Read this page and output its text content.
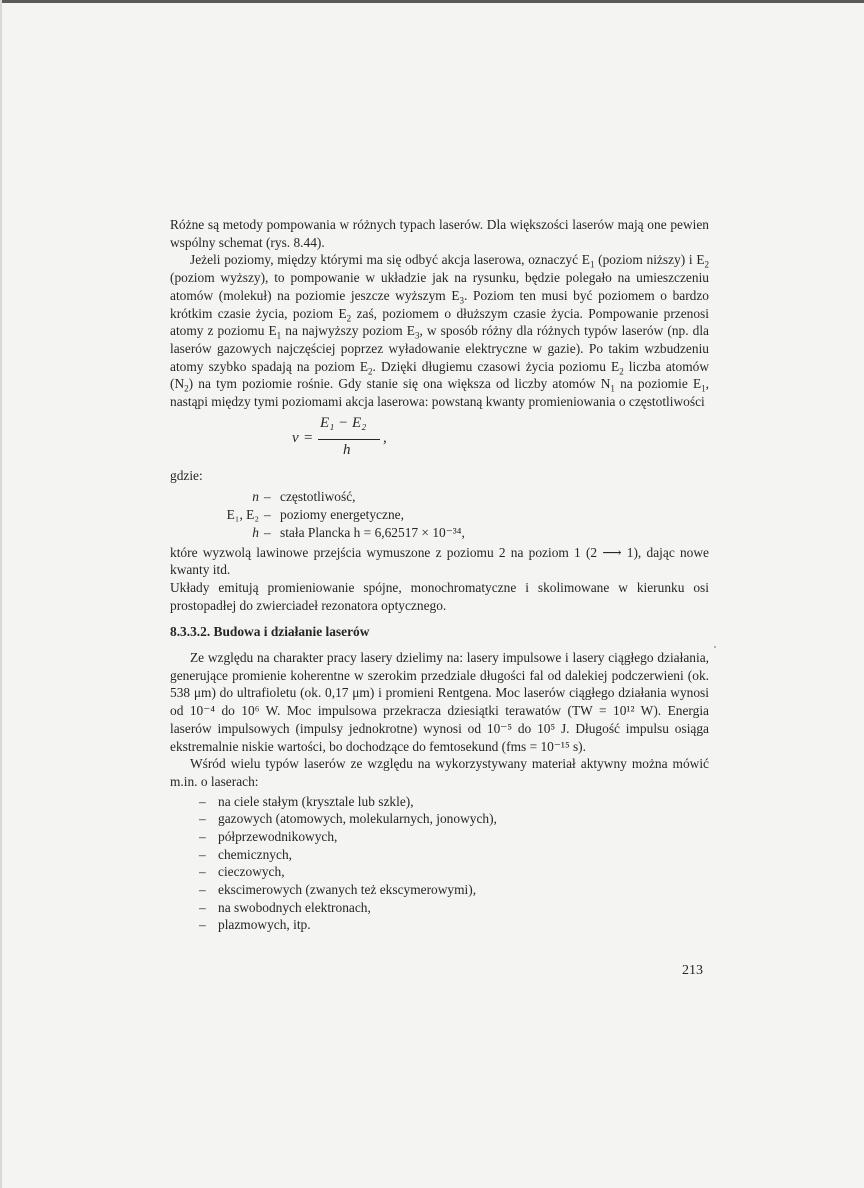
Różne są metody pompowania w różnych typach laserów. Dla większości laserów mają one pewien wspólny schemat (rys. 8.44).

Jeżeli poziomy, między którymi ma się odbyć akcja laserowa, oznaczyć $E_1$ (poziom niższy) i $E_2$ (poziom wyższy), to pompowanie w układzie jak na rysunku, będzie polegało na umieszczeniu atomów (molekuł) na poziomie jeszcze wyższym $E_3$. Poziom ten musi być poziomem o bardzo krótkim czasie życia, poziom $E_2$ zaś, poziomem o dłuższym czasie życia. Pompowanie przenosi atomy z poziomu $E_1$ na najwyższy poziom $E_3$, w sposób różny dla różnych typów laserów (np. dla laserów gazowych najczęściej poprzez wyładowanie elektryczne w gazie). Po takim wzbudzeniu atomy szybko spadają na poziom $E_2$. Dzięki długiemu czasowi życia poziomu $E_2$ liczba atomów $(N_2)$ na tym poziomie rośnie. Gdy stanie się ona większa od liczby atomów $N_1$ na poziomie $E_1$, nastąpi między tymi poziomami akcja laserowa: powstaną kwanty promieniowania o częstotliwości

ν =
E₁ − E₂
h
,

gdzie:

n – częstotliwość,
E₁, E₂ – poziomy energetyczne,
h – stała Plancka h = 6,62517 × 10⁻³⁴,

które wyzwolą lawinowe przejścia wymuszone z poziomu 2 na poziom 1 (2 ⟶ 1), dając nowe kwanty itd.

Układy emitują promieniowanie spójne, monochromatyczne i skolimowane w kierunku osi prostopadłej do zwierciadeł rezonatora optycznego.

8.3.3.2. Budowa i działanie laserów

Ze względu na charakter pracy lasery dzielimy na: lasery impulsowe i lasery ciągłego działania, generujące promienie koherentne w szerokim przedziale długości fal od dalekiej podczerwieni (ok. 538 μm) do ultrafioletu (ok. 0,17 μm) i promieni Rentgena. Moc laserów ciągłego działania wynosi od 10⁻⁴ do 10⁶ W. Moc impulsowa przekracza dziesiątki terawatów (TW = 10¹² W). Energia laserów impulsowych (impulsy jednokrotne) wynosi od 10⁻⁵ do 10⁵ J. Długość impulsu osiąga ekstremalnie niskie wartości, bo dochodzące do femtosekund (fms = 10⁻¹⁵ s).

Wśród wielu typów laserów ze względu na wykorzystywany materiał aktywny można mówić m.in. o laserach:

– na ciele stałym (krysztale lub szkle),
– gazowych (atomowych, molekularnych, jonowych),
– półprzewodnikowych,
– chemicznych,
– cieczowych,
– ekscimerowych (zwanych też ekscymerowymi),
– na swobodnych elektronach,
– plazmowych, itp.
213
